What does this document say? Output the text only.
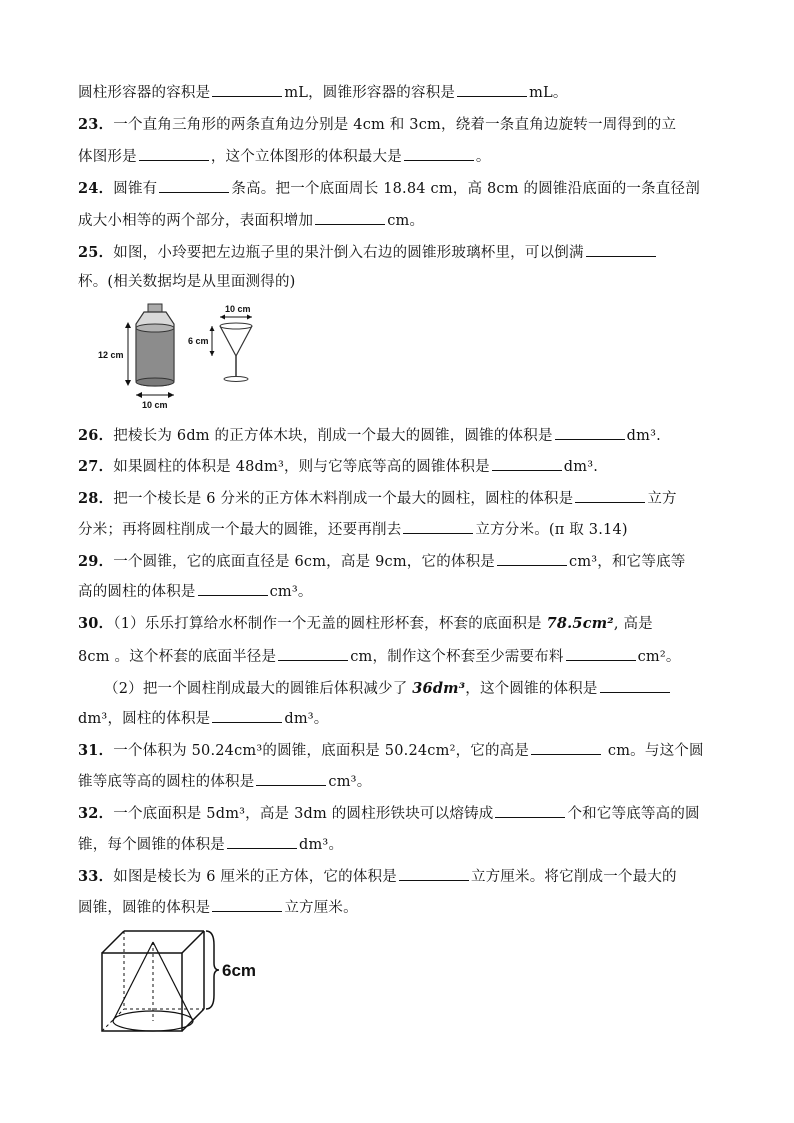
圆柱形容器的容积是	mL，圆锥形容器的容积是	mL。
23．一个直角三角形的两条直角边分别是 4cm 和 3cm，绕着一条直角边旋转一周得到的立
体图形是	，这个立体图形的体积最大是	。
24．圆锥有	条高。把一个底面周长 18.84 cm，高 8cm 的圆锥沿底面的一条直径剖
成大小相等的两个部分，表面积增加	cm。
25．如图，小玲要把左边瓶子里的果汁倒入右边的圆锥形玻璃杯里，可以倒满
杯。(相关数据均是从里面测得的)
12 cm
10 cm
10 cm
6 cm
26．把棱长为 6dm 的正方体木块，削成一个最大的圆锥，圆锥的体积是	dm³.
27．如果圆柱的体积是 48dm³，则与它等底等高的圆锥体积是	dm³.
28．把一个棱长是 6 分米的正方体木料削成一个最大的圆柱，圆柱的体积是	立方
分米；再将圆柱削成一个最大的圆锥，还要再削去	立方分米。(π 取 3.14)
29．一个圆锥，它的底面直径是 6cm，高是 9cm，它的体积是	cm³，和它等底等
高的圆柱的体积是	cm³。
30．（1）乐乐打算给水杯制作一个无盖的圆柱形杯套，杯套的底面积是 78.5cm², 高是
8cm 。这个杯套的底面半径是	cm，制作这个杯套至少需要布料	cm²。
（2）把一个圆柱削成最大的圆锥后体积减少了 36dm³，这个圆锥的体积是
dm³，圆柱的体积是	dm³。
31．一个体积为 50.24cm³的圆锥，底面积是 50.24cm²，它的高是	cm。与这个圆
锥等底等高的圆柱的体积是	cm³。
32．一个底面积是 5dm³，高是 3dm 的圆柱形铁块可以熔铸成	个和它等底等高的圆
锥，每个圆锥的体积是	dm³。
33．如图是棱长为 6 厘米的正方体，它的体积是	立方厘米。将它削成一个最大的
圆锥，圆锥的体积是	立方厘米。
6cm
